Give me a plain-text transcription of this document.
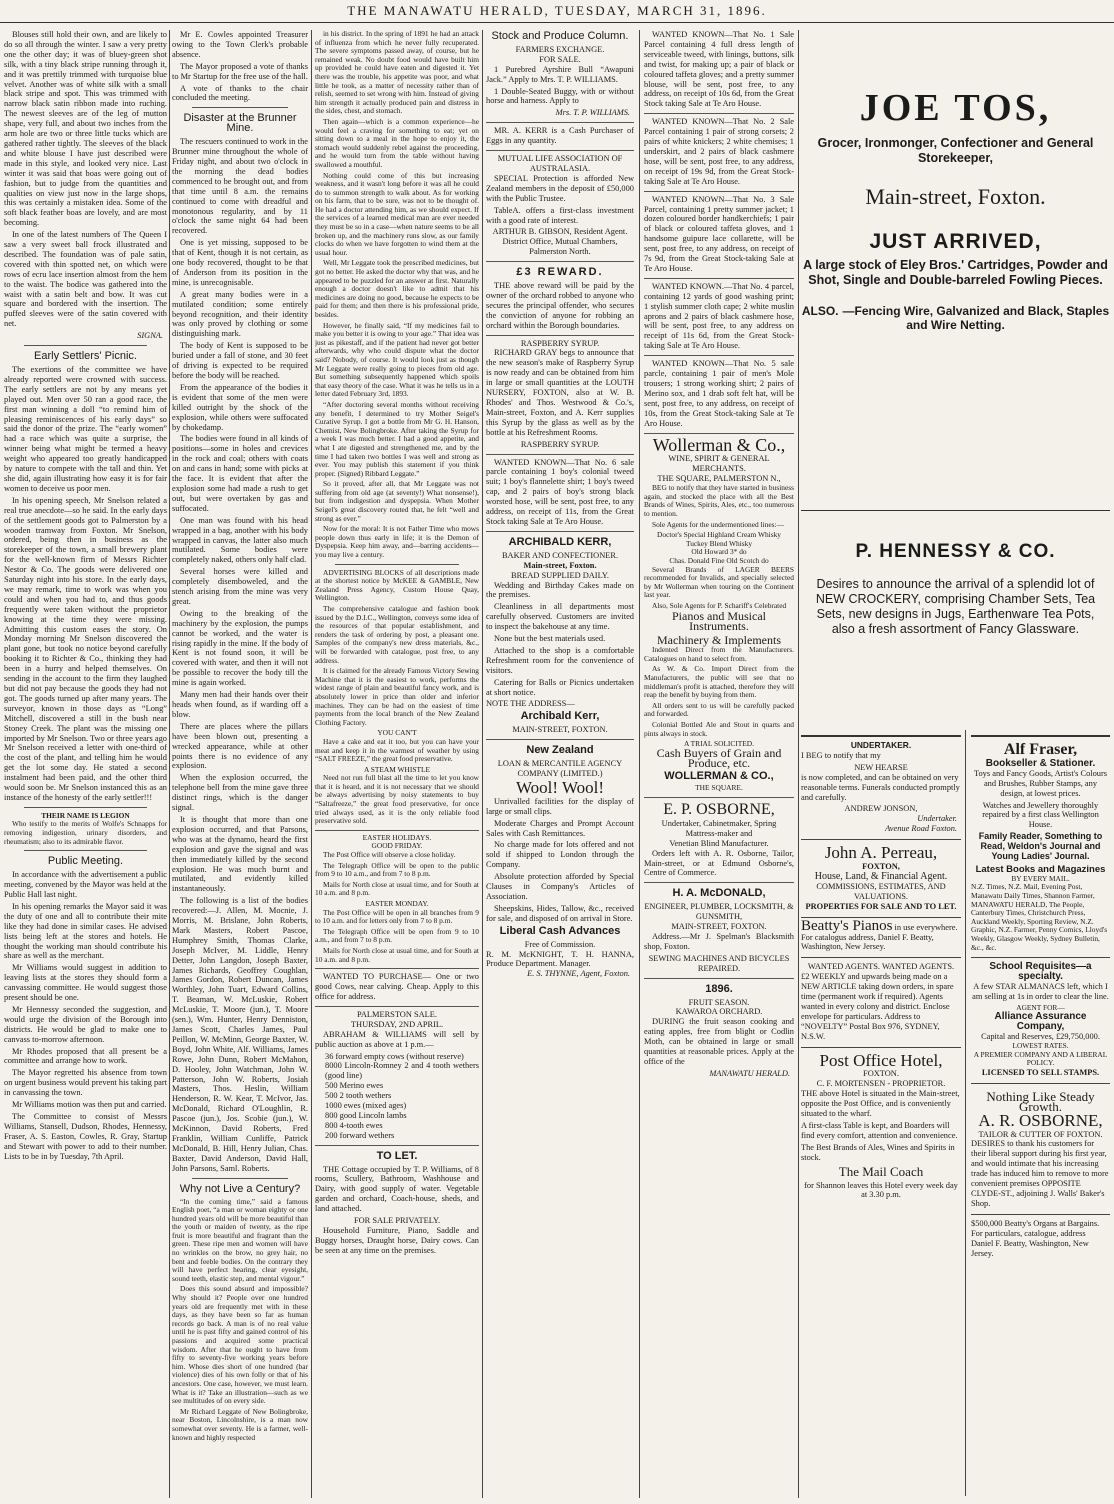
THE MANAWATU HERALD, TUESDAY, MARCH 31, 1896.

Blouses still hold their own, and are likely to do so all through the winter. I saw a very pretty one the other day; it was of bluey-green shot silk, with a tiny black stripe running through it, and it was prettily trimmed with turquoise blue velvet. Another was of white silk with a small black stripe and spot. This was trimmed with narrow black satin ribbon made into ruching. The newest sleeves are of the leg of mutton shape, very full, and about two inches from the arm hole are two or three little tucks which are gathered rather tightly. The sleeves of the black and white blouse I have just described were made in this style, and looked very nice. Last winter it was said that boas were going out of fashion, but to judge from the quantities and qualities on view just now in the large shops, this was certainly a mistaken idea. Some of the soft black feather boas are lovely, and are most becoming.

In one of the latest numbers of The Queen I saw a very sweet ball frock illustrated and described. The foundation was of pale satin, covered with thin spotted net, on which were rows of ecru lace insertion almost from the hem to the waist. The bodice was gathered into the waist with a satin belt and bow. It was cut square and bordered with the insertion. The puffed sleeves were of the satin covered with net.

SIGNA.
Early Settlers' Picnic.

The exertions of the committee we have already reported were crowned with success. The early settlers are not by any means yet played out. Men over 50 ran a good race, the first man winning a doll “to remind him of pleasing reminiscences of his early days” so said the donor of the prize. The “early women” had a race which was quite a surprise, the winner being what might be termed a heavy weight who appeared too greatly handicapped by nature to compete with the tall and thin. Yet she did, again illustrating how easy it is for fair women to deceive us poor men.

In his opening speech, Mr Snelson related a real true anecdote—so he said. In the early days of the settlement goods got to Palmerston by a wooden tramway from Foxton. Mr Snelson, ordered, being then in business as the storekeeper of the town, a small brewery plant for the well-known firm of Messrs Richter Nestor & Co. The goods were delivered one Saturday night into his store. In the early days, we may remark, time to work was when you could and when you had to, and thus goods frequently were taken without the proprietor knowing at the time they were missing. Admitting this custom eases the story. On Monday morning Mr Snelson discovered the plant gone, but took no notice beyond carefully booking it to Richter & Co., thinking they had been in a hurry and helped themselves. On sending in the account to the firm they laughed but did not pay because the goods they had not got. The goods turned up after many years. The surveyor, known in those days as “Long” Mitchell, discovered a still in the bush near Stoney Creek. The plant was the missing one imported by Mr Snelson. Two or three years ago Mr Snelson received a letter with one-third of the cost of the plant, and telling him he would get the lot some day. He stated a second instalment had been paid, and the other third would soon be. Mr Snelson instanced this as an instance of the honesty of the early settler!!!

THEIR NAME IS LEGION

Who testify to the merits of Wolfe's Schnapps for removing indigestion, urinary disorders, and rheumatism; also to its admirable flavor.

Public Meeting.

In accordance with the advertisement a public meeting, convened by the Mayor was held at the Public Hall last night.

In his opening remarks the Mayor said it was the duty of one and all to contribute their mite like they had done in similar cases. He advised lists being left at the stores and hotels. He thought the working man should contribute his share as well as the merchant.

Mr Williams would suggest in addition to leaving lists at the stores they should form a canvassing committee. He would suggest those present should be one.

Mr Hennessy seconded the suggestion, and would urge the division of the Borough into districts. He would be glad to make one to canvass to-morrow afternoon.

Mr Rhodes proposed that all present be a committee and arrange how to work.

The Mayor regretted his absence from town on urgent business would prevent his taking part in canvassing the town.

Mr Williams motion was then put and carried.

The Committee to consist of Messrs Williams, Stansell, Dudson, Rhodes, Hennessy, Fraser, A. S. Easton, Cowles, R. Gray, Startup and Stewart with power to add to their number. Lists to be in by Tuesday, 7th April.

Mr E. Cowles appointed Treasurer owing to the Town Clerk's probable absence.

The Mayor proposed a vote of thanks to Mr Startup for the free use of the hall.

A vote of thanks to the chair concluded the meeting.

Disaster at the Brunner Mine.

The rescuers continued to work in the Brunner mine throughout the whole of Friday night, and about two o'clock in the morning the dead bodies commenced to be brought out, and from that time until 8 a.m. the remains continued to come with dreadful and monotonous regularity, and by 11 o'clock the same night 64 had been recovered.

One is yet missing, supposed to be that of Kent, though it is not certain, as one body recovered, thought to be that of Anderson from its position in the mine, is unrecognisable.

A great many bodies were in a mutilated condition; some entirely beyond recognition, and their identity was only proved by clothing or some distinguishing mark.

The body of Kent is supposed to be buried under a fall of stone, and 30 feet of driving is expected to be required before the body will be reached.

From the appearance of the bodies it is evident that some of the men were killed outright by the shock of the explosion, while others were suffocated by chokedamp.

The bodies were found in all kinds of positions—some in holes and crevices in the rock and coal; others with coats on and cans in hand; some with picks at the face. It is evident that after the explosion some had made a rush to get out, but were overtaken by gas and suffocated.

One man was found with his head wrapped in a bag, another with his body wrapped in canvas, the latter also much mutilated. Some bodies were completely naked, others only half clad.

Several horses were killed and completely disemboweled, and the stench arising from the mine was very great.

Owing to the breaking of the machinery by the explosion, the pumps cannot be worked, and the water is rising rapidly in the mine. If the body of Kent is not found soon, it will be covered with water, and then it will not be possible to recover the body till the mine is again worked.

Many men had their hands over their heads when found, as if warding off a blow.

There are places where the pillars have been blown out, presenting a wrecked appearance, while at other points there is no evidence of any explosion.

When the explosion occurred, the telephone bell from the mine gave three distinct rings, which is the danger signal.

It is thought that more than one explosion occurred, and that Parsons, who was at the dynamo, heard the first explosion and gave the signal and was then immediately killed by the second explosion. He was much burnt and mutilated, and evidently killed instantaneously.

The following is a list of the bodies recovered:—J. Allen, M. Mocnie, J. Morris, M. Brislane, John Roberts, Mark Masters, Robert Pascoe, Humphrey Smith, Thomas Clarke, Joseph McIver, M. Liddle, Henry Detter, John Langdon, Joseph Baxter, James Richards, Geoffrey Coughlan, James Gordon, Robert Duncan, James Worthley, John Tuart, Edward Collins, T. Beaman, W. McLuskie, Robert McLuskie, T. Moore (jun.), T. Moore (sen.), Wm. Hunter, Henry Denniston, James Scott, Charles James, Paul Peillon, W. McMinn, George Baxter, W. Boyd, John White, Alf. Williams, James Rowe, John Dunn, Robert McMahon, D. Hooley, John Watchman, John W. Patterson, John W. Roberts, Josiah Masters, Thos. Heslin, William Henderson, R. W. Kear, T. McIvor, Jas. McDonald, Richard O'Loughlin, R. Pascoe (jun.), Jos. Scobie (jun.), W. McKinnon, David Roberts, Fred Franklin, William Cunliffe, Patrick McDonald, B. Hill, Henry Julian, Chas. Baxter, David Anderson, David Hall, John Parsons, Saml. Roberts.

Why not Live a Century?

“In the coming time,” said a famous English poet, “a man or woman eighty or one hundred years old will be more beautiful than the youth or maiden of twenty, as the ripe fruit is more beautiful and fragrant than the green. These ripe men and women will have no wrinkles on the brow, no grey hair, no bent and feeble bodies. On the contrary they will have perfect hearing, clear eyesight, sound teeth, elastic step, and mental vigour.”

Does this sound absurd and impossible? Why should it? People over one hundred years old are frequently met with in these days, as they have been so far as human records go back. A man is of no real value until he is past fifty and gained control of his passions and acquired some practical wisdom. After that he ought to have from fifty to seventy-five working years before him. Whose dies short of one hundred (bar violence) dies of his own folly or that of his ancestors. One case, however, we must learn. What is it? Take an illustration—such as we see multitudes of on every side.

Mr Richard Leggate of New Bolingbroke, near Boston, Lincolnshire, is a man now somewhat over seventy. He is a farmer, well-known and highly respected

in his district. In the spring of 1891 he had an attack of influenza from which he never fully recuperated. The severe symptoms passed away, of course, but he remained weak. No doubt food would have built him up provided he could have eaten and digested it. Yet there was the trouble, his appetite was poor, and what little he took, as a matter of necessity rather than of relish, seemed to set wrong with him. Instead of giving him strength it actually produced pain and distress in the sides, chest, and stomach.

Then again—which is a common experience—he would feel a craving for something to eat; yet on sitting down to a meal in the hope to enjoy it, the stomach would suddenly rebel against the proceeding, and he would turn from the table without having swallowed a mouthful.

Nothing could come of this but increasing weakness, and it wasn't long before it was all he could do to summon strength to walk about. As for working on his farm, that to be sure, was not to be thought of. He had a doctor attending him, as we should expect. If the services of a learned medical man are ever needed they must be so in a case—when nature seems to be all broken up, and the machinery runs slow, as our family clocks do when we have forgotten to wind them at the usual hour.

Well, Mr Leggate took the prescribed medicines, but got no better. He asked the doctor why that was, and he appeared to be puzzled for an answer at first. Naturally enough a doctor doesn't like to admit that his medicines are doing no good, because he expects to be paid for them; and then there is his professional pride, besides.

However, he finally said, “If my medicines fail to make you better it is owing to your age.” That idea was just as pikestaff, and if the patient had never got better afterwards, why who could dispute what the doctor said? Nobody, of course. It would look just as though Mr Leggate were really going to pieces from old age. But something subsequently happened which spoils that easy theory of the case. What it was he tells us in a letter dated February 3rd, 1893.

“After doctoring several months without receiving any benefit, I determined to try Mother Seigel's Curative Syrup. I got a bottle from Mr G. H. Hanson, Chemist, New Bolingbroke. After taking the Syrup for a week I was much better. I had a good appetite, and what I ate digested and strengthened me, and by the time I had taken two bottles I was well and strong as ever. You may publish this statement if you think proper. (Signed) Ribbard Leggate.”

So it proved, after all, that Mr Leggate was not suffering from old age (at seventy!) What nonsense!), but from indigestion and dyspepsia. When Mother Seigel's great discovery routed that, he felt “well and strong as ever.”

Now for the moral: It is not Father Time who mows people down thus early in life; it is the Demon of Dyspepsia. Keep him away, and—barring accidents—you may live a century.

ADVERTISING BLOCKS of all descriptions made at the shortest notice by McKEE & GAMBLE, New Zealand Press Agency, Custom House Quay, Wellington.

The comprehensive catalogue and fashion book issued by the D.I.C., Wellington, conveys some idea of the resources of that popular establishment, and renders the task of ordering by post, a pleasant one. Samples of the company's new dress materials, &c., will be forwarded with catalogue, post free, to any address.

It is claimed for the already Famous Victory Sewing Machine that it is the easiest to work, performs the widest range of plain and beautiful fancy work, and is absolutely lower in price than older and inferior machines. They can be had on the easiest of time payments from the local branch of the New Zealand Clothing Factory.

YOU CAN'T

Have a cake and eat it too, but you can have your meat and keep it in the warmest of weather by using “SALT FREEZE,” the great food preservative.

A STEAM WHISTLE

Need not run full blast all the time to let you know that it is heard, and it is not necessary that we should be always advertising by noisy statements to buy “Saltafreeze,” the great food preservative, for once tried always used, as it is the only reliable food preservative sold.

EASTER HOLIDAYS.
GOOD FRIDAY.

The Post Office will observe a close holiday.

The Telegraph Office will be open to the public from 9 to 10 a.m., and from 7 to 8 p.m.

Mails for North close at usual time, and for South at 10 a.m. and 8 p.m.

EASTER MONDAY.

The Post Office will be open in all branches from 9 to 10 a.m. and for letters only from 7 to 8 p.m.

The Telegraph Office will be open from 9 to 10 a.m., and from 7 to 8 p.m.

Mails for North close at usual time, and for South at 10 a.m. and 8 p.m.

WANTED TO PURCHASE— One or two good Cows, near calving. Cheap. Apply to this office for address.

PALMERSTON SALE.
THURSDAY, 2ND APRIL.

ABRAHAM & WILLIAMS will sell by public auction as above at 1 p.m.—

36 forward empty cows (without reserve)
8000 Lincoln-Romney 2 and 4 tooth wethers (good line)
500 Merino ewes
500 2 tooth wethers
1000 ewes (mixed ages)
800 good Lincoln lambs
800 4-tooth ewes
200 forward wethers
TO LET.

THE Cottage occupied by T. P. Williams, of 8 rooms, Scullery, Bathroom, Washhouse and Dairy, with good supply of water. Vegetable garden and orchard, Coach-house, sheds, and land attached.

FOR SALE PRIVATELY.

Household Furniture, Piano, Saddle and Buggy horses, Draught horse, Dairy cows. Can be seen at any time on the premises.

Stock and Produce Column.
FARMERS EXCHANGE.
FOR SALE.

1 Purebred Ayrshire Bull “Awapuni Jack.” Apply to Mrs. T. P. WILLIAMS.

1 Double-Seated Buggy, with or without horse and harness. Apply to

Mrs. T. P. WILLIAMS.

MR. A. KERR is a Cash Purchaser of Eggs in any quantity.

MUTUAL LIFE ASSOCIATION OF AUSTRALASIA.

SPECIAL Protection is afforded New Zealand members in the deposit of £50,000 with the Public Trustee.

TableA. offers a first-class investment with a good rate of interest.

ARTHUR B. GIBSON, Resident Agent.
District Office, Mutual Chambers, Palmerston North.
£3 REWARD.

THE above reward will be paid by the owner of the orchard robbed to anyone who secures the principal offender, who secures the conviction of anyone for robbing an orchard within the Borough boundaries.

RASPBERRY SYRUP.

RICHARD GRAY begs to announce that the new season's make of Raspberry Syrup is now ready and can be obtained from him in large or small quantities at the LOUTH NURSERY, FOXTON, also at W. B. Rhodes' and Thos. Westwood & Co.'s, Main-street, Foxton, and A. Kerr supplies this Syrup by the glass as well as by the bottle at his Refreshment Rooms.

RASPBERRY SYRUP.

WANTED KNOWN—That No. 6 sale parcle containing 1 boy's colonial tweed suit; 1 boy's flannelette shirt; 1 boy's tweed cap, and 2 pairs of boy's strong black worsted hose, will be sent, post free, to any address, on receipt of 11s, from the Great Stock taking Sale at Te Aro House.

ARCHIBALD KERR,
BAKER AND CONFECTIONER.
Main-street, Foxton.
BREAD SUPPLIED DAILY.

Wedding and Birthday Cakes made on the premises.

Cleanliness in all departments most carefully observed. Customers are invited to inspect the bakehouse at any time.

None but the best materials used.

Attached to the shop is a comfortable Refreshment room for the convenience of visitors.

Catering for Balls or Picnics undertaken at short notice.

NOTE THE ADDRESS—
Archibald Kerr,
MAIN-STREET, FOXTON.
New Zealand
LOAN & MERCANTILE AGENCY COMPANY (LIMITED.)
Wool! Wool!

Unrivalled facilities for the display of large or small clips.

Moderate Charges and Prompt Account Sales with Cash Remittances.

No charge made for lots offered and not sold if shipped to London through the Company.

Absolute protection afforded by Special Clauses in Company's Articles of Association.

Sheepskins, Hides, Tallow, &c., received for sale, and disposed of on arrival in Store.

Liberal Cash Advances
Free of Commission.
R. M. McKNIGHT, T. H. HANNA, Produce Department. Manager.
E. S. THYNNE, Agent, Foxton.

WANTED KNOWN—That No. 1 Sale Parcel containing 4 full dress length of serviceable tweed, with linings, buttons, silk and twist, for making up; a pair of black or coloured taffeta gloves; and a pretty summer blouse, will be sent, post free, to any address, on receipt of 10s 6d, from the Great Stock taking Sale at Te Aro House.

WANTED KNOWN—That No. 2 Sale Parcel containing 1 pair of strong corsets; 2 pairs of white knickers; 2 white chemises; 1 underskirt, and 2 pairs of black cashmere hose, will be sent, post free, to any address, on receipt of 19s 9d, from the Great Stock-taking Sale at Te Aro House.

WANTED KNOWN—That No. 3 Sale Parcel, containing 1 pretty summer jacket; 1 dozen coloured border handkerchiefs; 1 pair of black or coloured taffeta gloves, and 1 handsome guipure lace collarette, will be sent, post free, to any address, on receipt of 7s 9d, from the Great Stock-taking Sale at Te Aro House.

WANTED KNOWN.—That No. 4 parcel, containing 12 yards of good washing print; 1 stylish summer cloth cape; 2 white muslin aprons and 2 pairs of black cashmere hose, will be sent, post free, to any address on receipt of 11s 6d, from the Great Stock-taking Sale at Te Aro House.

WANTED KNOWN—That No. 5 sale parcle, containing 1 pair of men's Mole trousers; 1 strong working shirt; 2 pairs of Merino sox, and 1 drab soft felt hat, will be sent, post free, to any address, on receipt of 10s, from the Great Stock-taking Sale at Te Aro House.

Wollerman & Co.,
WINE, SPIRIT & GENERAL MERCHANTS.
THE SQUARE, PALMERSTON N.,

BEG to notify that they have started in business again, and stocked the place with all the Best Brands of Wines, Spirits, Ales, etc., too numerous to mention.

Sole Agents for the undermentioned lines:—

Doctor's Special Highland Cream Whisky
Tuckey Blend Whisky
Old Howard 3* do
Chas. Donald Fine Old Scotch do

Several Brands of LAGER BEERS recommended for Invalids, and specially selected by Mr Wollerman when touring on the Continent last year.

Also, Sole Agents for P. Schariff's Celebrated

Pianos and Musical Instruments.
Machinery & Implements

Indented Direct from the Manufacturers. Catalogues on hand to select from.

As W. & Co. Import Direct from the Manufacturers, the public will see that no middleman's profit is attached, therefore they will reap the benefit by buying from them.

All orders sent to us will be carefully packed and forwarded.

Colonial Bottled Ale and Stout in quarts and pints always in stock.

A TRIAL SOLICITED.
Cash Buyers of Grain and Produce, etc.
WOLLERMAN & CO.,
THE SQUARE.
E. P. OSBORNE,
Undertaker, Cabinetmaker, Spring
Mattress-maker and
Venetian Blind Manufacturer.

Orders left with A. R. Osborne, Tailor, Main-street, or at Edmund Osborne's, Centre of Commerce.

H. A. McDONALD,
ENGINEER, PLUMBER, LOCKSMITH, & GUNSMITH,
MAIN-STREET, FOXTON.

Address.—Mr J. Spelman's Blacksmith shop, Foxton.

SEWING MACHINES AND BICYCLES REPAIRED.
1896.
FRUIT SEASON.
KAWAROA ORCHARD.

DURING the fruit season cooking and eating apples, free from blight or Codlin Moth, can be obtained in large or small quantities at reasonable prices. Apply at the office of the

MANAWATU HERALD.
JOE TOS,
Grocer, Ironmonger, Confectioner and General Storekeeper,
Main-street, Foxton.
JUST ARRIVED,
A large stock of Eley Bros.' Cartridges, Powder and Shot, Single and Double-barreled Fowling Pieces.
ALSO. —Fencing Wire, Galvanized and Black, Staples and Wire Netting.
P. HENNESSY & CO.

Desires to announce the arrival of a splendid lot of NEW CROCKERY, comprising Chamber Sets, Tea Sets, new designs in Jugs, Earthenware Tea Pots, also a fresh assortment of Fancy Glassware.

UNDERTAKER.

I BEG to notify that my

NEW HEARSE

is now completed, and can be obtained on very reasonable terms. Funerals conducted promptly and carefully.

ANDREW JONSON,
Undertaker.
Avenue Road Foxton.
John A. Perreau,
FOXTON,
House, Land, & Financial Agent.
COMMISSIONS, ESTIMATES, AND VALUATIONS.
PROPERTIES FOR SALE AND TO LET.
Beatty's Pianos in use everywhere. For catalogus address, Daniel F. Beatty, Washington, New Jersey.
WANTED AGENTS. WANTED AGENTS.

£2 WEEKLY and upwards being made on a NEW ARTICLE taking down orders, in spare time (permanent work if required). Agents wanted in every colony and district. Enclose envelope for particulars. Address to “NOVELTY” Postal Box 976, SYDNEY, N.S.W.

Post Office Hotel,
FOXTON.
C. F. MORTENSEN - PROPRIETOR.

THE above Hotel is situated in the Main-street, opposite the Post Office, and is conveniently situated to the wharf.

A first-class Table is kept, and Boarders will find every comfort, attention and convenience.

The Best Brands of Ales, Wines and Spirits in stock.

The Mail Coach
for Shannon leaves this Hotel every week day at 3.30 p.m.
Alf Fraser,
Bookseller & Stationer.

Toys and Fancy Goods, Artist's Colours and Brushes, Rubber Stamps, any design, at lowest prices.

Watches and Jewellery thoroughly repaired by a first class Wellington House.

Family Reader, Something to Read, Weldon's Journal and Young Ladies' Journal.
Latest Books and Magazines
BY EVERY MAIL.

N.Z. Times, N.Z. Mail, Evening Post, Manawatu Daily Times, Shannon Farmer, MANAWATU HERALD, The People, Canterbury Times, Christchurch Press, Auckland Weekly, Sporting Review, N.Z. Graphic, N.Z. Farmer, Penny Comics, Lloyd's Weekly, Glasgow Weekly, Sydney Bulletin, &c., &c.

School Requisites—a specialty.

A few STAR ALMANACS left, which I am selling at 1s in order to clear the line.

AGENT FOR—
Alliance Assurance Company,
Capital and Reserves, £29,750,000.
LOWEST RATES.
A PREMIER COMPANY AND A LIBERAL POLICY.
LICENSED TO SELL STAMPS.
Nothing Like Steady Growth.
A. R. OSBORNE,
TAILOR & CUTTER OF FOXTON.

DESIRES to thank his customers for their liberal support during his first year, and would intimate that his increasing trade has induced him to remove to more convenient premises OPPOSITE CLYDE-ST., adjoining J. Walls' Baker's Shop.

$500,000 Beatty's Organs at Bargains. For particulars, catalogue, address Daniel F. Beatty, Washington, New Jersey.
